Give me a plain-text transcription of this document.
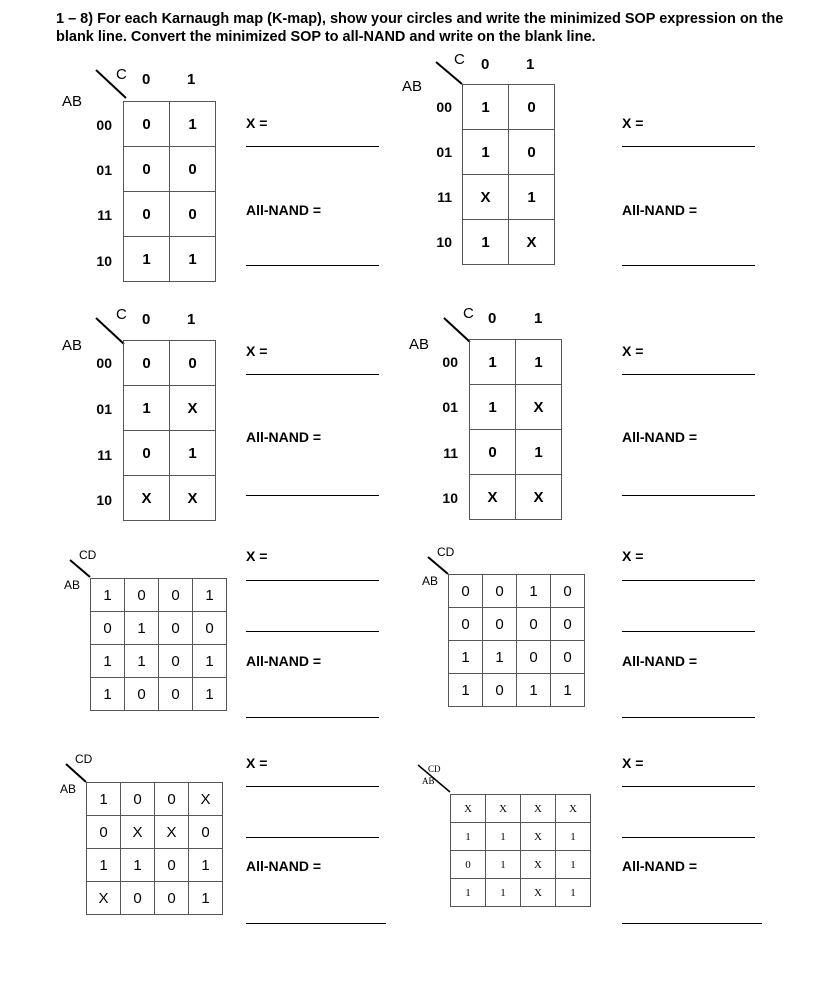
1 – 8) For each Karnaugh map (K-map), show your circles and write the minimized SOP expression on the blank line. Convert the minimized SOP to all-NAND and write on the blank line.
C 0 1
AB
00
01
11
10
0	1
0	0
0	0
1	1
X =
All-NAND =
C 0 1
AB
00
01
11
10
1	0
1	0
X	1
1	X
X =
All-NAND =
C 0 1
AB
00
01
11
10
0	0
1	X
0	1
X	X
X =
All-NAND =
C 0	1
AB
00
01
11
10
1	1
1	X
0	1
X	X
X =
All-NAND =
CD
AB
1	0	0	1
0	1	0	0
1	1	0	1
1	0	0	1
X =
All-NAND =
CD
AB
0	0	1	0
0	0	0	0
1	1	0	0
1	0	1	1
X =
All-NAND =
CD
AB
1	0	0	X
0	X	X	0
1	1	0	1
X	0	0	1
X =
All-NAND =
CD
AB
X	X	X	X
1	1	X	1
0	1	X	1
1	1	X	1
X =
All-NAND =
